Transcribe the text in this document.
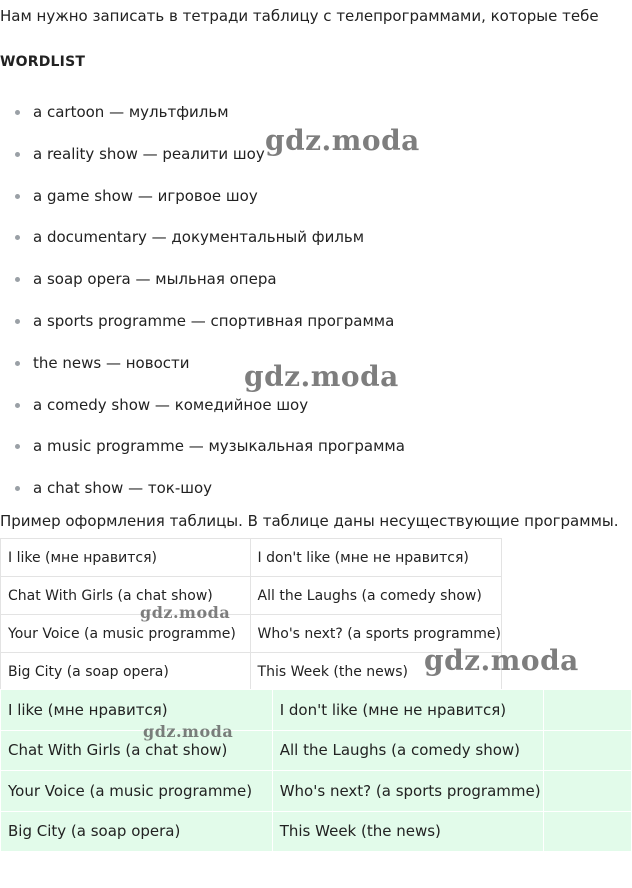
Нам нужно записать в тетради таблицу с телепрограммами, которые тебе
WORDLIST
a cartoon — мультфильм
a reality show — реалити шоу
a game show — игровое шоу
a documentary — документальный фильм
a soap opera — мыльная опера
a sports programme — спортивная программа
the news — новости
a comedy show — комедийное шоу
a music programme — музыкальная программа
a chat show — ток-шоу
Пример оформления таблицы. В таблице даны несуществующие программы.
I like (мне нравится)	I don't like (мне не нравится)
Chat With Girls (a chat show)	All the Laughs (a comedy show)
Your Voice (a music programme)	Who's next? (a sports programme)
Big City (a soap opera)	This Week (the news)
I like (мне нравится)	I don't like (мне не нравится)	
Chat With Girls (a chat show)	All the Laughs (a comedy show)	
Your Voice (a music programme)	Who's next? (a sports programme)	
Big City (a soap opera)	This Week (the news)	
gdz.moda
gdz.moda
gdz.moda
gdz.moda
gdz.moda
